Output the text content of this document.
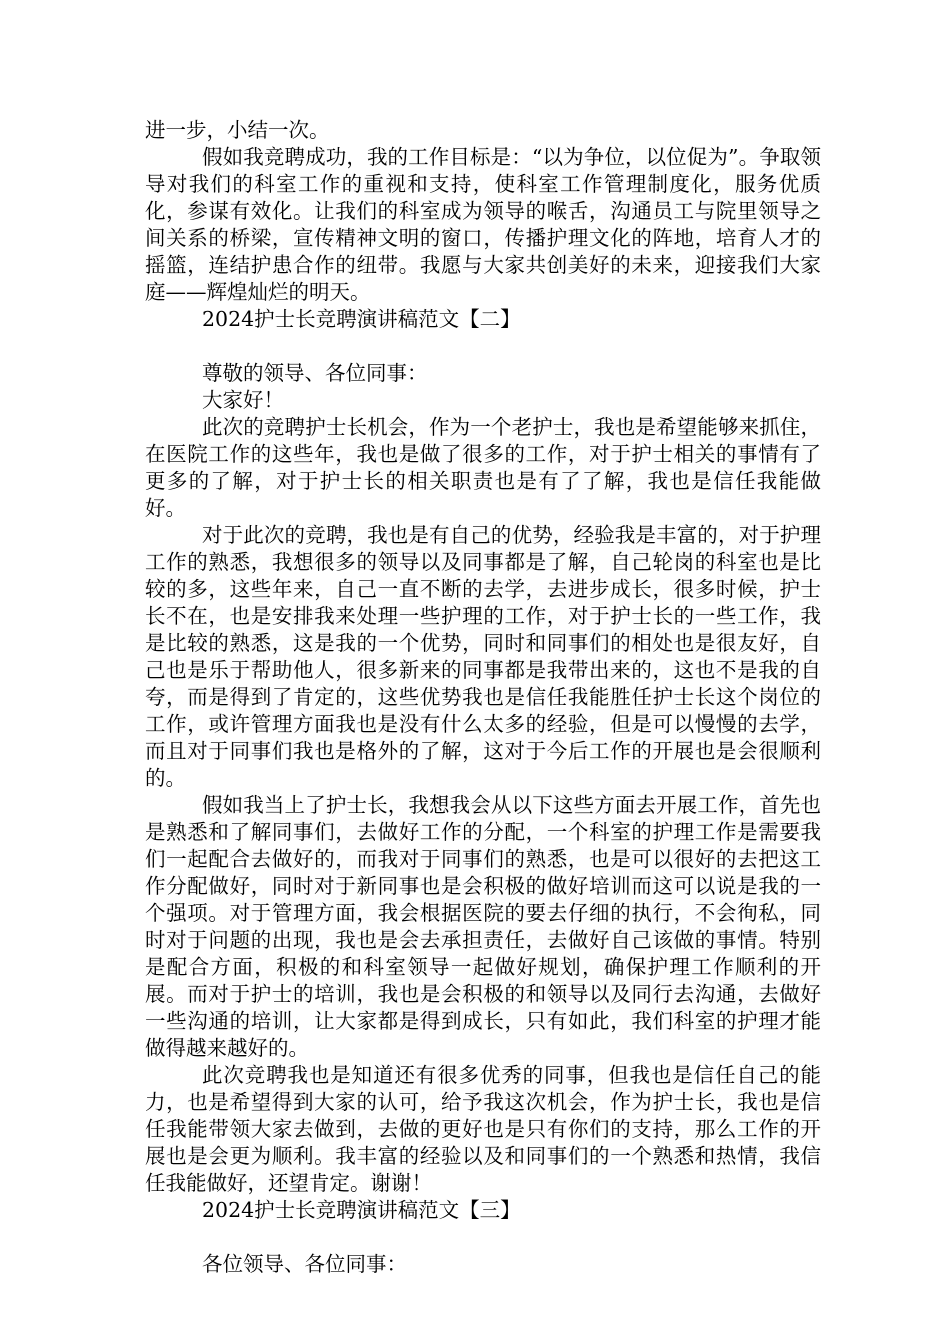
进一步，小结一次。

假如我竞聘成功，我的工作目标是：“以为争位，以位促为”。争取领导对我们的科室工作的重视和支持，使科室工作管理制度化，服务优质化，参谋有效化。让我们的科室成为领导的喉舌，沟通员工与院里领导之间关系的桥梁，宣传精神文明的窗口，传播护理文化的阵地，培育人才的摇篮，连结护患合作的纽带。我愿与大家共创美好的未来，迎接我们大家庭——辉煌灿烂的明天。

2024护士长竞聘演讲稿范文【二】

尊敬的领导、各位同事：

大家好！

此次的竞聘护士长机会，作为一个老护士，我也是希望能够来抓住，在医院工作的这些年，我也是做了很多的工作，对于护士相关的事情有了更多的了解，对于护士长的相关职责也是有了了解，我也是信任我能做好。

对于此次的竞聘，我也是有自己的优势，经验我是丰富的，对于护理工作的熟悉，我想很多的领导以及同事都是了解，自己轮岗的科室也是比较的多，这些年来，自己一直不断的去学，去进步成长，很多时候，护士长不在，也是安排我来处理一些护理的工作，对于护士长的一些工作，我是比较的熟悉，这是我的一个优势，同时和同事们的相处也是很友好，自己也是乐于帮助他人，很多新来的同事都是我带出来的，这也不是我的自夸，而是得到了肯定的，这些优势我也是信任我能胜任护士长这个岗位的工作，或许管理方面我也是没有什么太多的经验，但是可以慢慢的去学，而且对于同事们我也是格外的了解，这对于今后工作的开展也是会很顺利的。

假如我当上了护士长，我想我会从以下这些方面去开展工作，首先也是熟悉和了解同事们，去做好工作的分配，一个科室的护理工作是需要我们一起配合去做好的，而我对于同事们的熟悉，也是可以很好的去把这工作分配做好，同时对于新同事也是会积极的做好培训而这可以说是我的一个强项。对于管理方面，我会根据医院的要去仔细的执行，不会徇私，同时对于问题的出现，我也是会去承担责任，去做好自己该做的事情。特别是配合方面，积极的和科室领导一起做好规划，确保护理工作顺利的开展。而对于护士的培训，我也是会积极的和领导以及同行去沟通，去做好一些沟通的培训，让大家都是得到成长，只有如此，我们科室的护理才能做得越来越好的。

此次竞聘我也是知道还有很多优秀的同事，但我也是信任自己的能力，也是希望得到大家的认可，给予我这次机会，作为护士长，我也是信任我能带领大家去做到，去做的更好也是只有你们的支持，那么工作的开展也是会更为顺利。我丰富的经验以及和同事们的一个熟悉和热情，我信任我能做好，还望肯定。谢谢！

2024护士长竞聘演讲稿范文【三】

各位领导、各位同事：
